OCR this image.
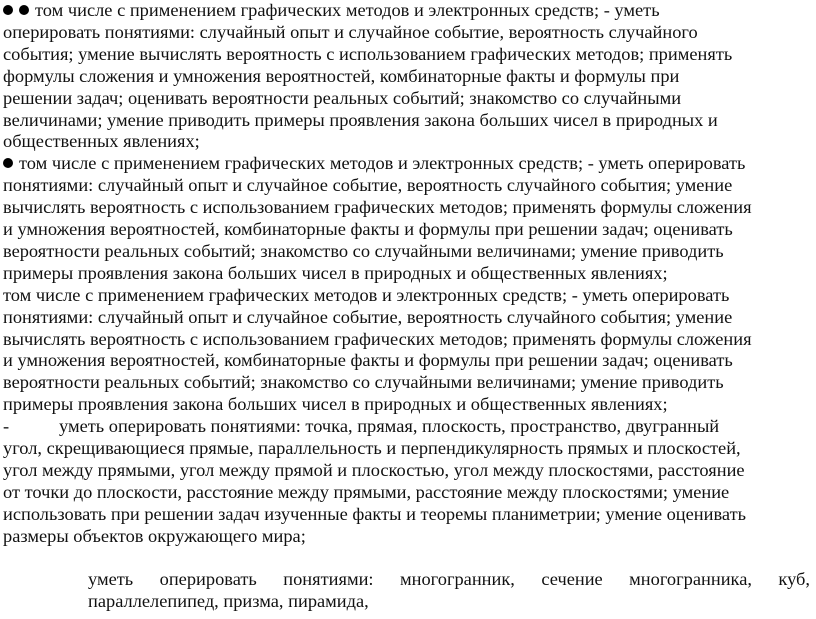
том числе с применением графических методов и электронных средств; - уметь
оперировать понятиями: случайный опыт и случайное событие, вероятность случайного
события; умение вычислять вероятность с использованием графических методов; применять
формулы сложения и умножения вероятностей, комбинаторные факты и формулы при
решении задач; оценивать вероятности реальных событий; знакомство со случайными
величинами; умение приводить примеры проявления закона больших чисел в природных и
общественных явлениях;
том числе с применением графических методов и электронных средств; - уметь оперировать
понятиями: случайный опыт и случайное событие, вероятность случайного события; умение
вычислять вероятность с использованием графических методов; применять формулы сложения
и умножения вероятностей, комбинаторные факты и формулы при решении задач; оценивать
вероятности реальных событий; знакомство со случайными величинами; умение приводить
примеры проявления закона больших чисел в природных и общественных явлениях;
том числе с применением графических методов и электронных средств; - уметь оперировать
понятиями: случайный опыт и случайное событие, вероятность случайного события; умение
вычислять вероятность с использованием графических методов; применять формулы сложения
и умножения вероятностей, комбинаторные факты и формулы при решении задач; оценивать
вероятности реальных событий; знакомство со случайными величинами; умение приводить
примеры проявления закона больших чисел в природных и общественных явлениях;
-	уметь оперировать понятиями: точка, прямая, плоскость, пространство, двугранный
угол, скрещивающиеся прямые, параллельность и перпендикулярность прямых и плоскостей,
угол между прямыми, угол между прямой и плоскостью, угол между плоскостями, расстояние
от точки до плоскости, расстояние между прямыми, расстояние между плоскостями; умение
использовать при решении задач изученные факты и теоремы планиметрии; умение оценивать
размеры объектов окружающего мира;
уметь оперировать понятиями: многогранник, сечение многогранника, куб,
параллелепипед, призма, пирамида,
